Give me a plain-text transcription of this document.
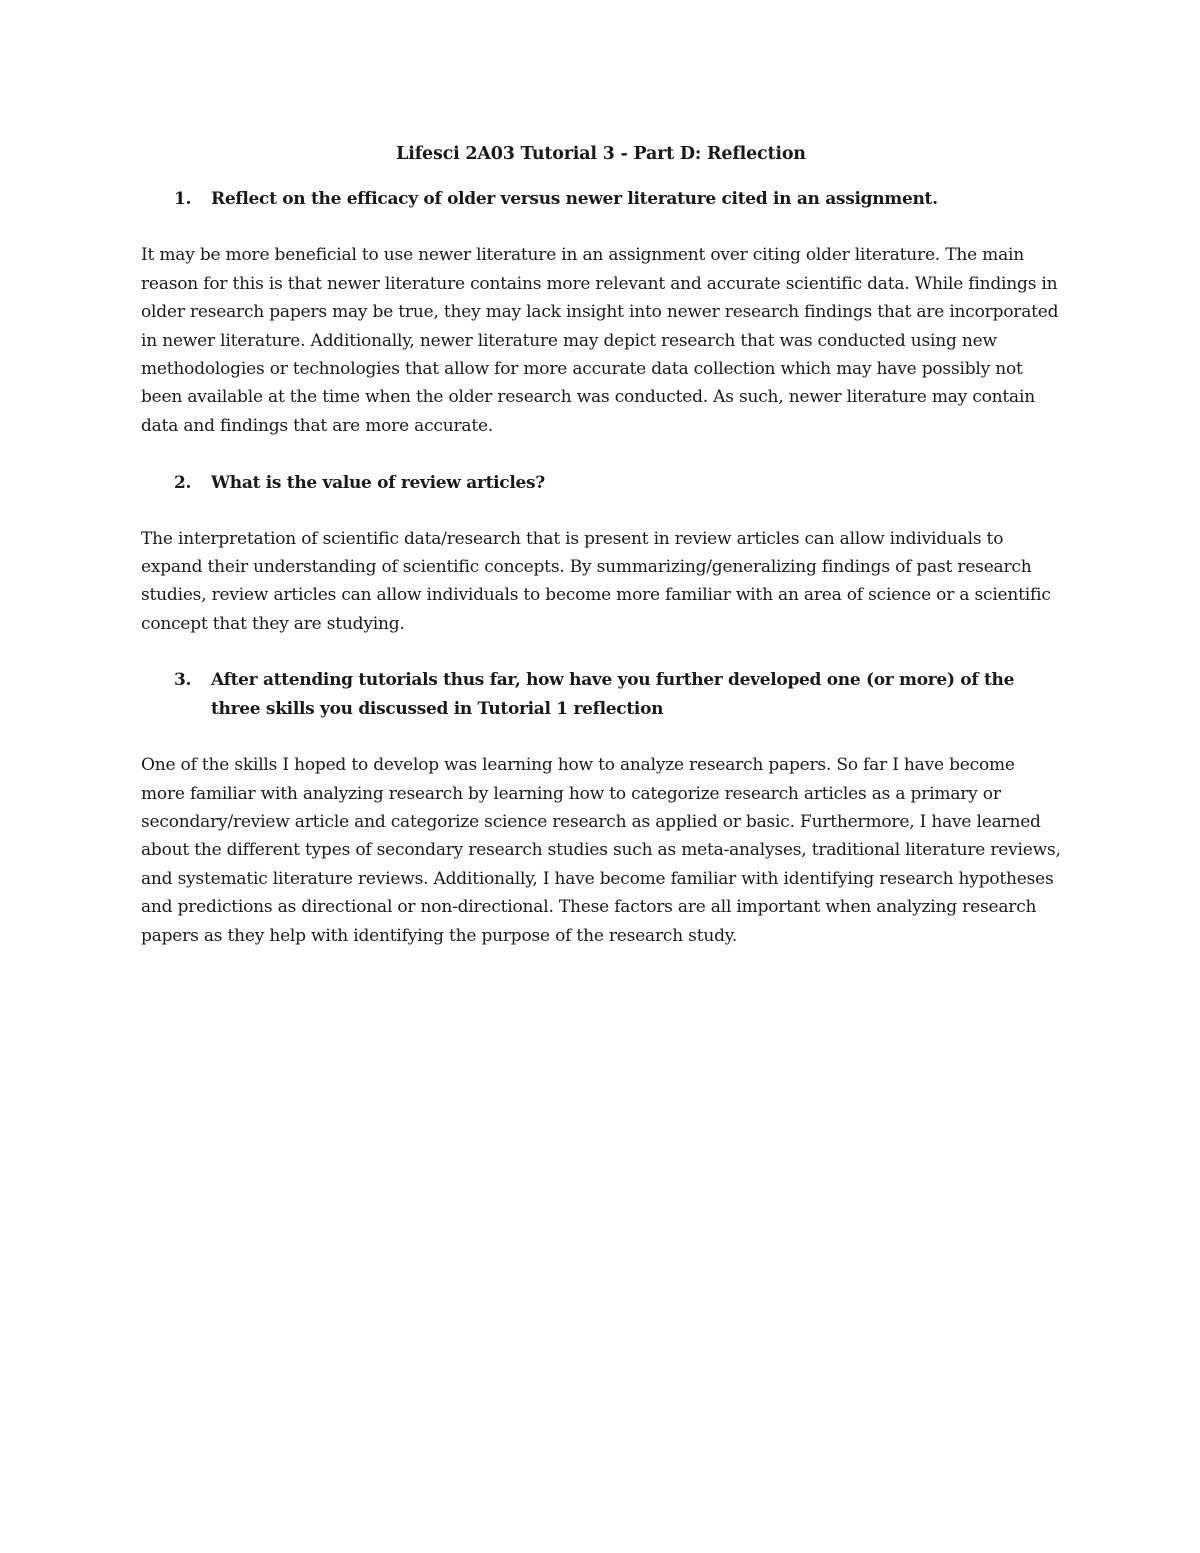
Lifesci 2A03 Tutorial 3 - Part D: Reflection
1.	Reflect on the efficacy of older versus newer literature cited in an assignment.

It may be more beneficial to use newer literature in an assignment over citing older literature. The main reason for this is that newer literature contains more relevant and accurate scientific data. While findings in older research papers may be true, they may lack insight into newer research findings that are incorporated in newer literature. Additionally, newer literature may depict research that was conducted using new methodologies or technologies that allow for more accurate data collection which may have possibly not been available at the time when the older research was conducted. As such, newer literature may contain data and findings that are more accurate.

2.	What is the value of review articles?

The interpretation of scientific data/research that is present in review articles can allow individuals to expand their understanding of scientific concepts. By summarizing/generalizing findings of past research studies, review articles can allow individuals to become more familiar with an area of science or a scientific concept that they are studying.

3.	After attending tutorials thus far, how have you further developed one (or more) of the three skills you discussed in Tutorial 1 reflection

One of the skills I hoped to develop was learning how to analyze research papers. So far I have become more familiar with analyzing research by learning how to categorize research articles as a primary or secondary/review article and categorize science research as applied or basic. Furthermore, I have learned about the different types of secondary research studies such as meta-analyses, traditional literature reviews, and systematic literature reviews. Additionally, I have become familiar with identifying research hypotheses and predictions as directional or non-directional. These factors are all important when analyzing research papers as they help with identifying the purpose of the research study.
